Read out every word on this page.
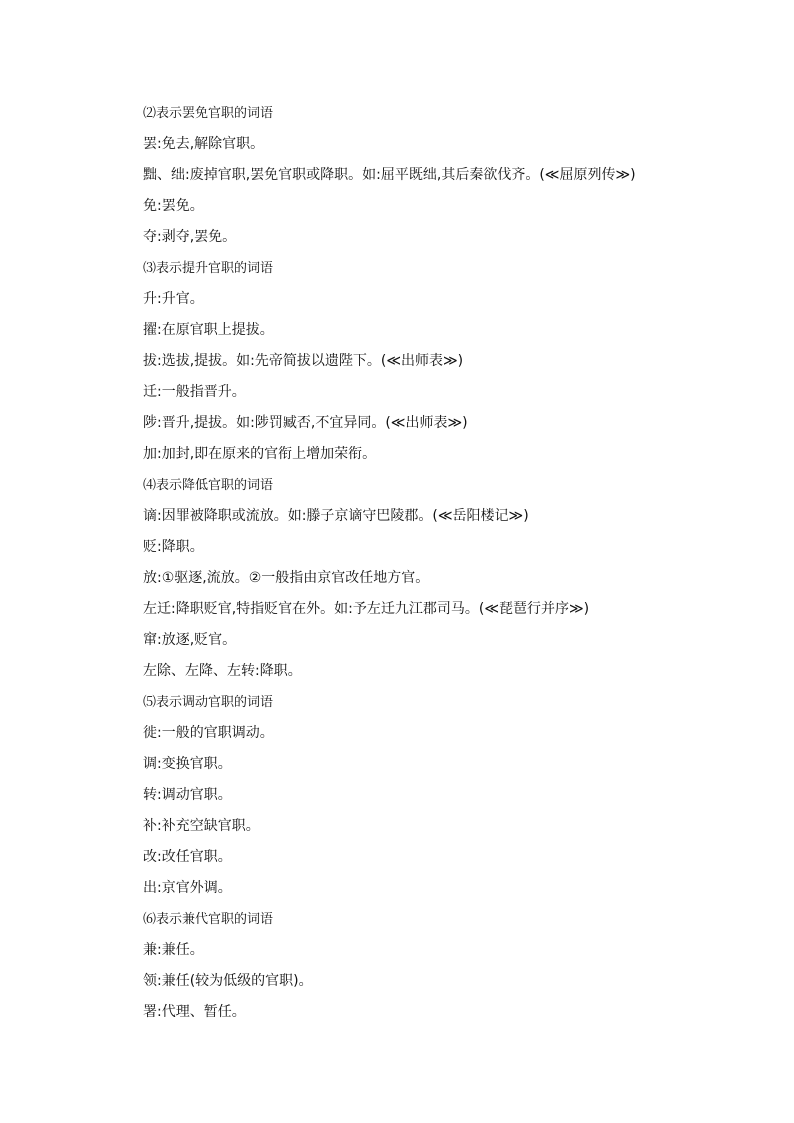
⑵表示罢免官职的词语
罢:免去,解除官职。
黜、绌:废掉官职,罢免官职或降职。如:屈平既绌,其后秦欲伐齐。(≪屈原列传≫)
免:罢免。
夺:剥夺,罢免。
⑶表示提升官职的词语
升:升官。
擢:在原官职上提拔。
拔:选拔,提拔。如:先帝简拔以遗陛下。(≪出师表≫)
迁:一般指晋升。
陟:晋升,提拔。如:陟罚臧否,不宜异同。(≪出师表≫)
加:加封,即在原来的官衔上增加荣衔。
⑷表示降低官职的词语
谪:因罪被降职或流放。如:滕子京谪守巴陵郡。(≪岳阳楼记≫)
贬:降职。
放:①驱逐,流放。②一般指由京官改任地方官。
左迁:降职贬官,特指贬官在外。如:予左迁九江郡司马。(≪琵琶行并序≫)
窜:放逐,贬官。
左除、左降、左转:降职。
⑸表示调动官职的词语
徙:一般的官职调动。
调:变换官职。
转:调动官职。
补:补充空缺官职。
改:改任官职。
出:京官外调。
⑹表示兼代官职的词语
兼:兼任。
领:兼任(较为低级的官职)。
署:代理、暂任。
